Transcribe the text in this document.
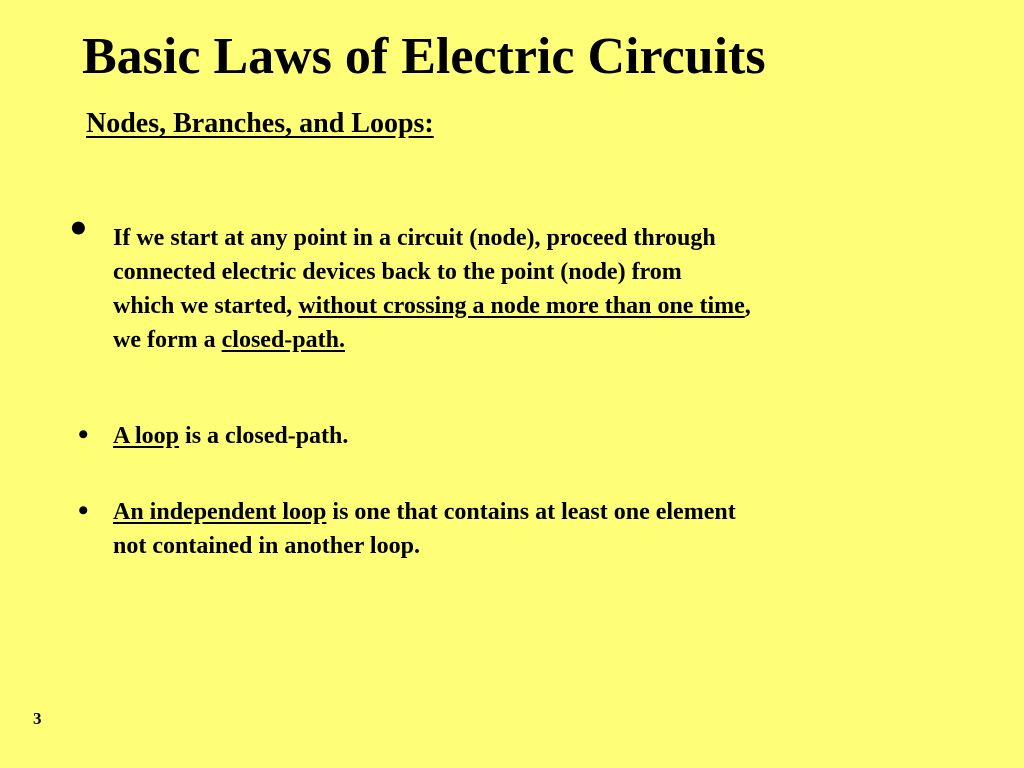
Basic Laws of Electric Circuits
Nodes, Branches, and Loops:
• If we start at any point in a circuit (node), proceed through
connected electric devices back to the point (node) from
which we started, without crossing a node more than one time,
we form a closed-path.
• A loop is a closed-path.
• An independent loop is one that contains at least one element
not contained in another loop.
3
